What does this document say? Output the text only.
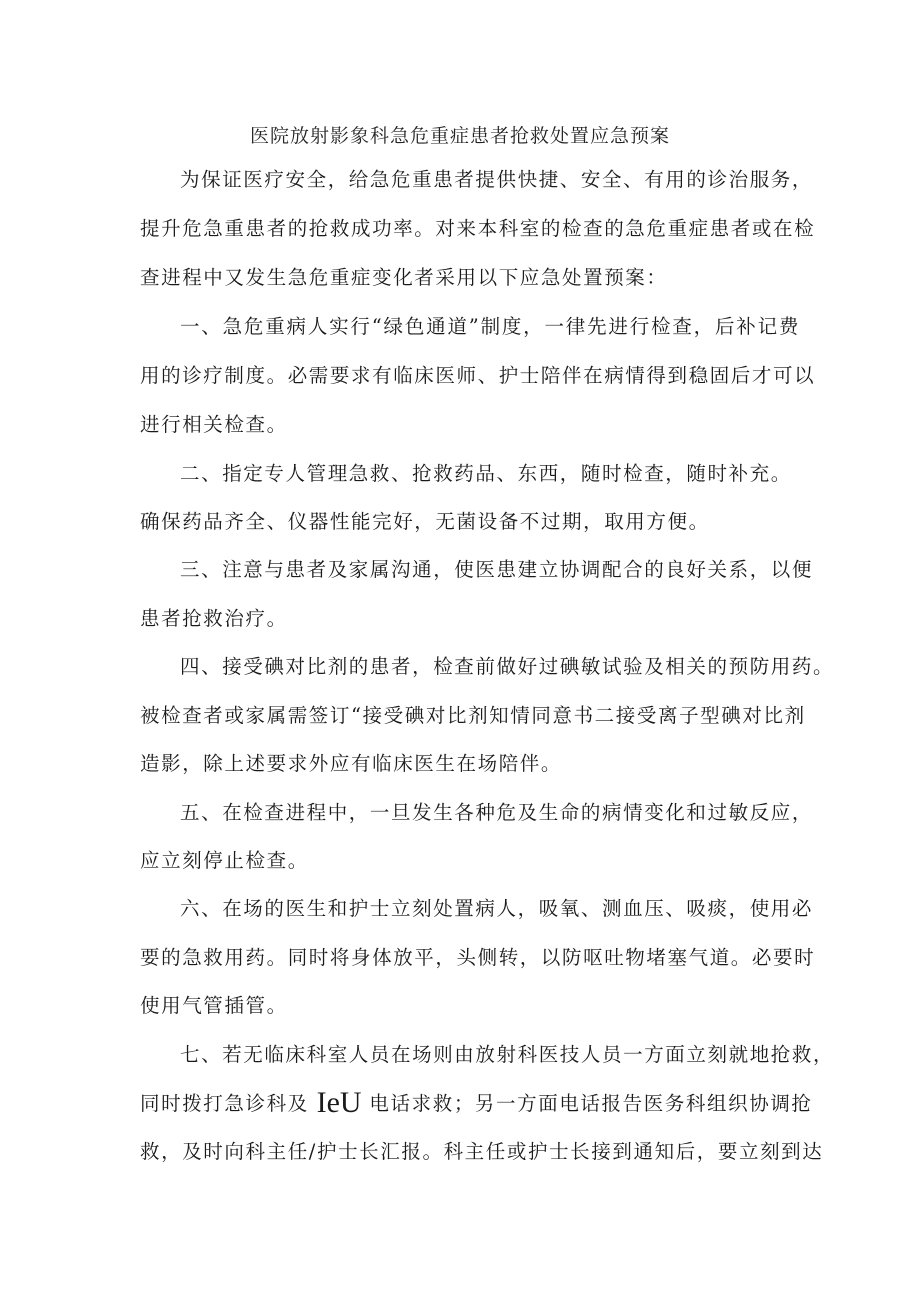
医院放射影象科急危重症患者抢救处置应急预案
为保证医疗安全，给急危重患者提供快捷、安全、有用的诊治服务，
提升危急重患者的抢救成功率。对来本科室的检查的急危重症患者或在检
查进程中又发生急危重症变化者采用以下应急处置预案：
一、急危重病人实行“绿色通道”制度，一律先进行检查，后补记费
用的诊疗制度。必需要求有临床医师、护士陪伴在病情得到稳固后才可以
进行相关检查。
二、指定专人管理急救、抢救药品、东西，随时检查，随时补充。
确保药品齐全、仪器性能完好，无菌设备不过期，取用方便。
三、注意与患者及家属沟通，使医患建立协调配合的良好关系，以便
患者抢救治疗。
四、接受碘对比剂的患者，检查前做好过碘敏试验及相关的预防用药。
被检查者或家属需签订“接受碘对比剂知情同意书二接受离子型碘对比剂
造影，除上述要求外应有临床医生在场陪伴。
五、在检查进程中，一旦发生各种危及生命的病情变化和过敏反应，
应立刻停止检查。
六、在场的医生和护士立刻处置病人，吸氧、测血压、吸痰，使用必
要的急救用药。同时将身体放平，头侧转，以防呕吐物堵塞气道。必要时
使用气管插管。
七、若无临床科室人员在场则由放射科医技人员一方面立刻就地抢救，
同时拨打急诊科及 IeU 电话求救；另一方面电话报告医务科组织协调抢
救，及时向科主任/护士长汇报。科主任或护士长接到通知后，要立刻到达
